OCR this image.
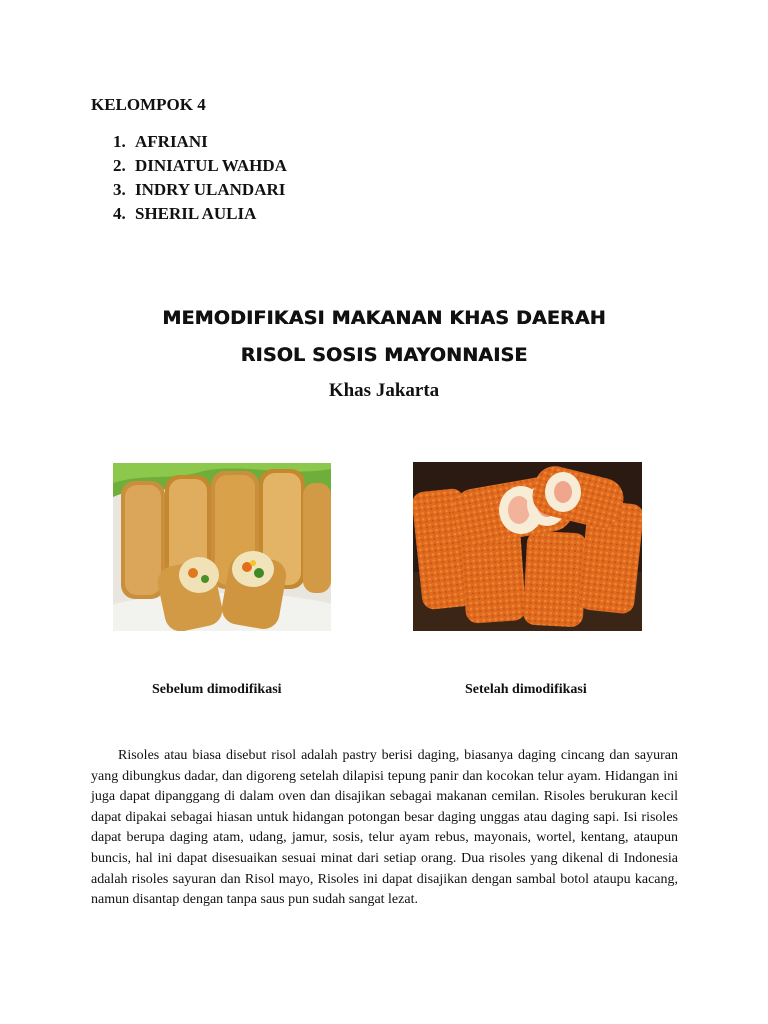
KELOMPOK 4

1. AFRIANI
2. DINIATUL WAHDA
3. INDRY ULANDARI
4. SHERIL AULIA

MEMODIFIKASI MAKANAN KHAS DAERAH

RISOL SOSIS MAYONNAISE

Khas Jakarta

Sebelum dimodifikasi	Setelah dimodifikasi

Risoles atau biasa disebut risol adalah pastry berisi daging, biasanya daging cincang dan sayuran yang dibungkus dadar, dan digoreng setelah dilapisi tepung panir dan kocokan telur ayam. Hidangan ini juga dapat dipanggang di dalam oven dan disajikan sebagai makanan cemilan. Risoles berukuran kecil dapat dipakai sebagai hiasan untuk hidangan potongan besar daging unggas atau daging sapi. Isi risoles dapat berupa daging atam, udang, jamur, sosis, telur ayam rebus, mayonais, wortel, kentang, ataupun buncis, hal ini dapat disesuaikan sesuai minat dari setiap orang. Dua risoles yang dikenal di Indonesia adalah risoles sayuran dan Risol mayo, Risoles ini dapat disajikan dengan sambal botol ataupu kacang, namun disantap dengan tanpa saus pun sudah sangat lezat.
